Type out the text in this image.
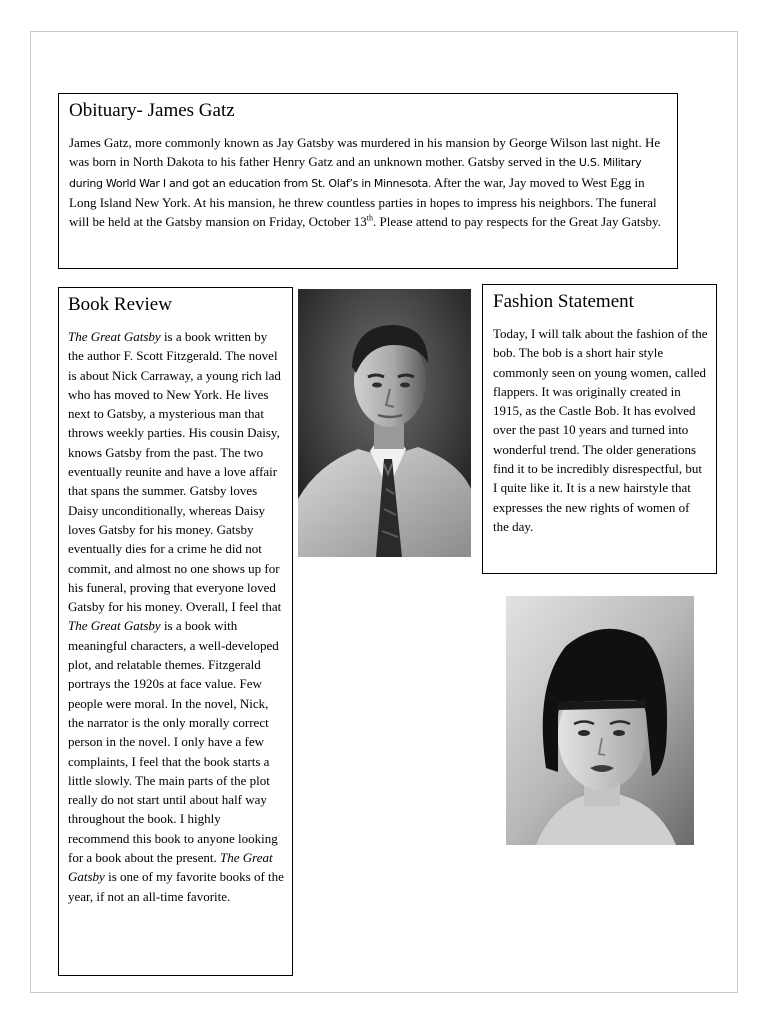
Obituary- James Gatz

James Gatz, more commonly known as Jay Gatsby was murdered in his mansion by George Wilson last night. He was born in North Dakota to his father Henry Gatz and an unknown mother. Gatsby served in the U.S. Military during World War I and got an education from St. Olaf’s in Minnesota. After the war, Jay moved to West Egg in Long Island New York. At his mansion, he threw countless parties in hopes to impress his neighbors. The funeral will be held at the Gatsby mansion on Friday, October 13th. Please attend to pay respects for the Great Jay Gatsby.

Book Review

The Great Gatsby is a book written by the author F. Scott Fitzgerald. The novel is about Nick Carraway, a young rich lad who has moved to New York. He lives next to Gatsby, a mysterious man that throws weekly parties. His cousin Daisy, knows Gatsby from the past. The two eventually reunite and have a love affair that spans the summer. Gatsby loves Daisy unconditionally, whereas Daisy loves Gatsby for his money. Gatsby eventually dies for a crime he did not commit, and almost no one shows up for his funeral, proving that everyone loved Gatsby for his money. Overall, I feel that The Great Gatsby is a book with meaningful characters, a well-developed plot, and relatable themes. Fitzgerald portrays the 1920s at face value. Few people were moral. In the novel, Nick, the narrator is the only morally correct person in the novel. I only have a few complaints, I feel that the book starts a little slowly. The main parts of the plot really do not start until about half way throughout the book. I highly recommend this book to anyone looking for a book about the present. The Great Gatsby is one of my favorite books of the year, if not an all-time favorite.

Fashion Statement

Today, I will talk about the fashion of the bob. The bob is a short hair style commonly seen on young women, called flappers. It was originally created in 1915, as the Castle Bob. It has evolved over the past 10 years and turned into wonderful trend. The older generations find it to be incredibly disrespectful, but I quite like it. It is a new hairstyle that expresses the new rights of women of the day.
